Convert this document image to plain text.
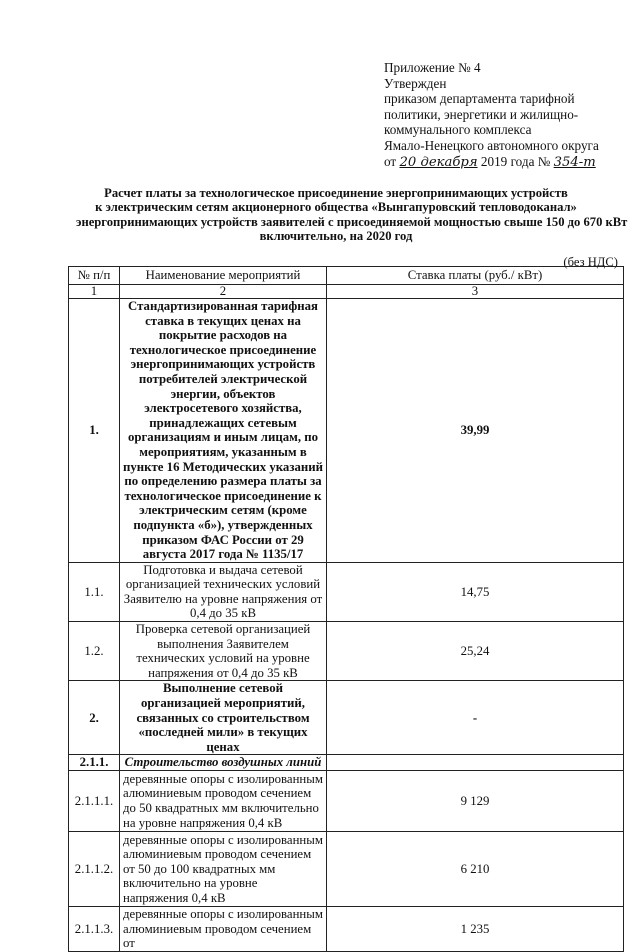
Приложение № 4
Утвержден
приказом департамента тарифной
политики, энергетики и жилищно-
коммунального комплекса
Ямало-Ненецкого автономного округа
от 20 декабря 2019 года № 354-т
Расчет платы за технологическое присоединение энергопринимающих устройств
к электрическим сетям акционерного общества «Вынгапуровский тепловодоканал»
энергопринимающих устройств заявителей с присоединяемой мощностью свыше 150 до 670 кВт
включительно, на 2020 год
(без НДС)
№ п/п	Наименование мероприятий	Ставка платы (руб./ кВт)
1	2	3
1.	Стандартизированная тарифная ставка в текущих ценах на покрытие расходов на технологическое присоединение энергопринимающих устройств потребителей электрической энергии, объектов электросетевого хозяйства, принадлежащих сетевым организациям и иным лицам, по мероприятиям, указанным в пункте 16 Методических указаний по определению размера платы за технологическое присоединение к электрическим сетям (кроме подпункта «б»), утвержденных приказом ФАС России от 29 августа 2017 года № 1135/17	39,99
1.1.	Подготовка и выдача сетевой организацией технических условий Заявителю на уровне напряжения от 0,4 до 35 кВ	14,75
1.2.	Проверка сетевой организацией выполнения Заявителем технических условий на уровне напряжения от 0,4 до 35 кВ	25,24
2.	Выполнение сетевой организацией мероприятий, связанных со строительством «последней мили» в текущих ценах	-
2.1.1.	Строительство воздушных линий	
2.1.1.1.	деревянные опоры с изолированным алюминиевым проводом сечением до 50 квадратных мм включительно на уровне напряжения 0,4 кВ	9 129
2.1.1.2.	деревянные опоры с изолированным алюминиевым проводом сечением от 50 до 100 квадратных мм включительно на уровне напряжения 0,4 кВ	6 210
2.1.1.3.	деревянные опоры с изолированным алюминиевым проводом сечением от	1 235
